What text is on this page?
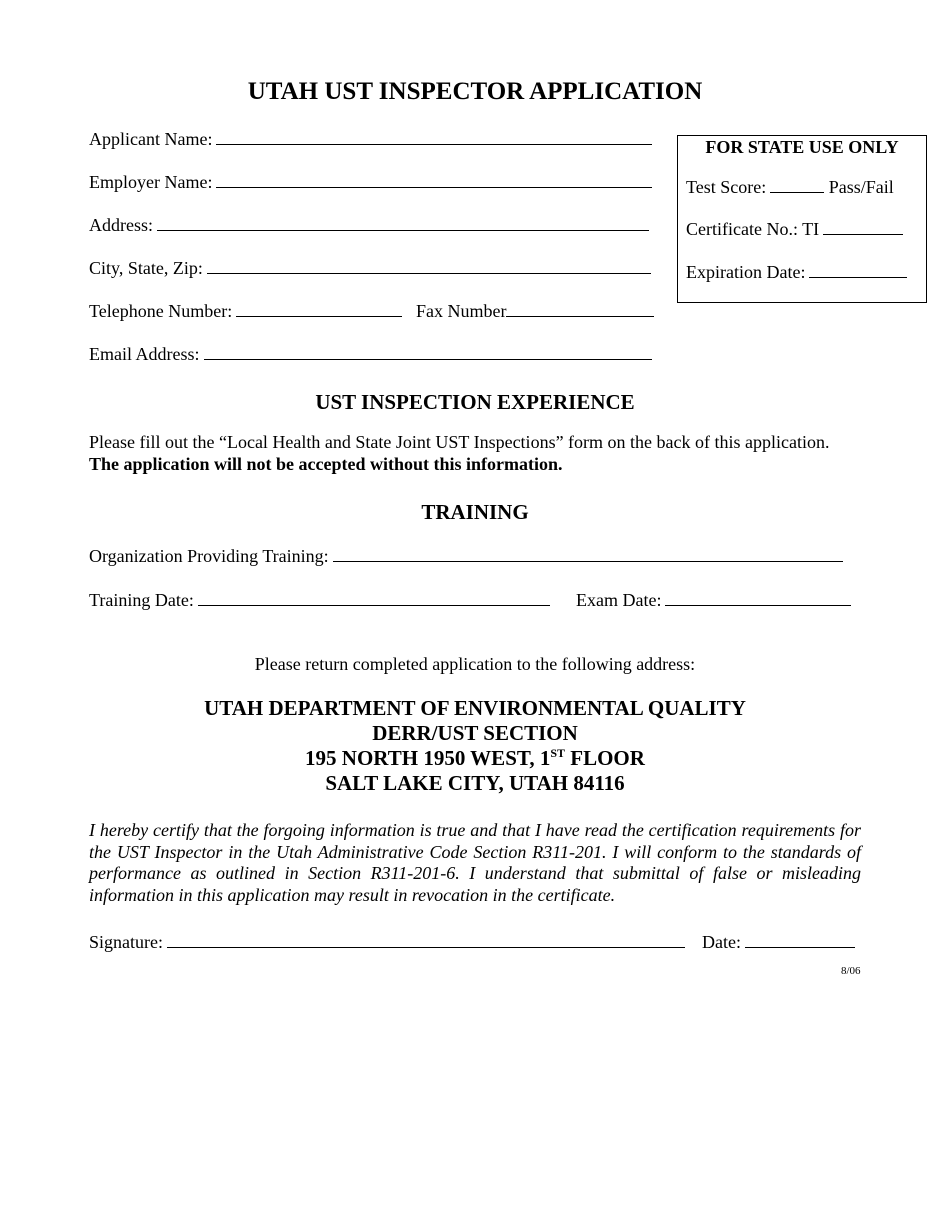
UTAH UST INSPECTOR APPLICATION
Applicant Name:
Employer Name:
Address:
City, State, Zip:
Telephone Number:	Fax Number
Email Address:
FOR STATE USE ONLY
Test Score:	Pass/Fail
Certificate No.: TI
Expiration Date:
UST INSPECTION EXPERIENCE
Please fill out the “Local Health and State Joint UST Inspections” form on the back of this application.
The application will not be accepted without this information.
TRAINING
Organization Providing Training:
Training Date:	Exam Date:
Please return completed application to the following address:
UTAH DEPARTMENT OF ENVIRONMENTAL QUALITY
DERR/UST SECTION
195 NORTH 1950 WEST, 1ST FLOOR
SALT LAKE CITY, UTAH 84116
I hereby certify that the forgoing information is true and that I have read the certification requirements for the UST Inspector in the Utah Administrative Code Section R311-201. I will conform to the standards of performance as outlined in Section R311-201-6. I understand that submittal of false or misleading information in this application may result in revocation in the certificate.
Signature:	Date:
8/06
